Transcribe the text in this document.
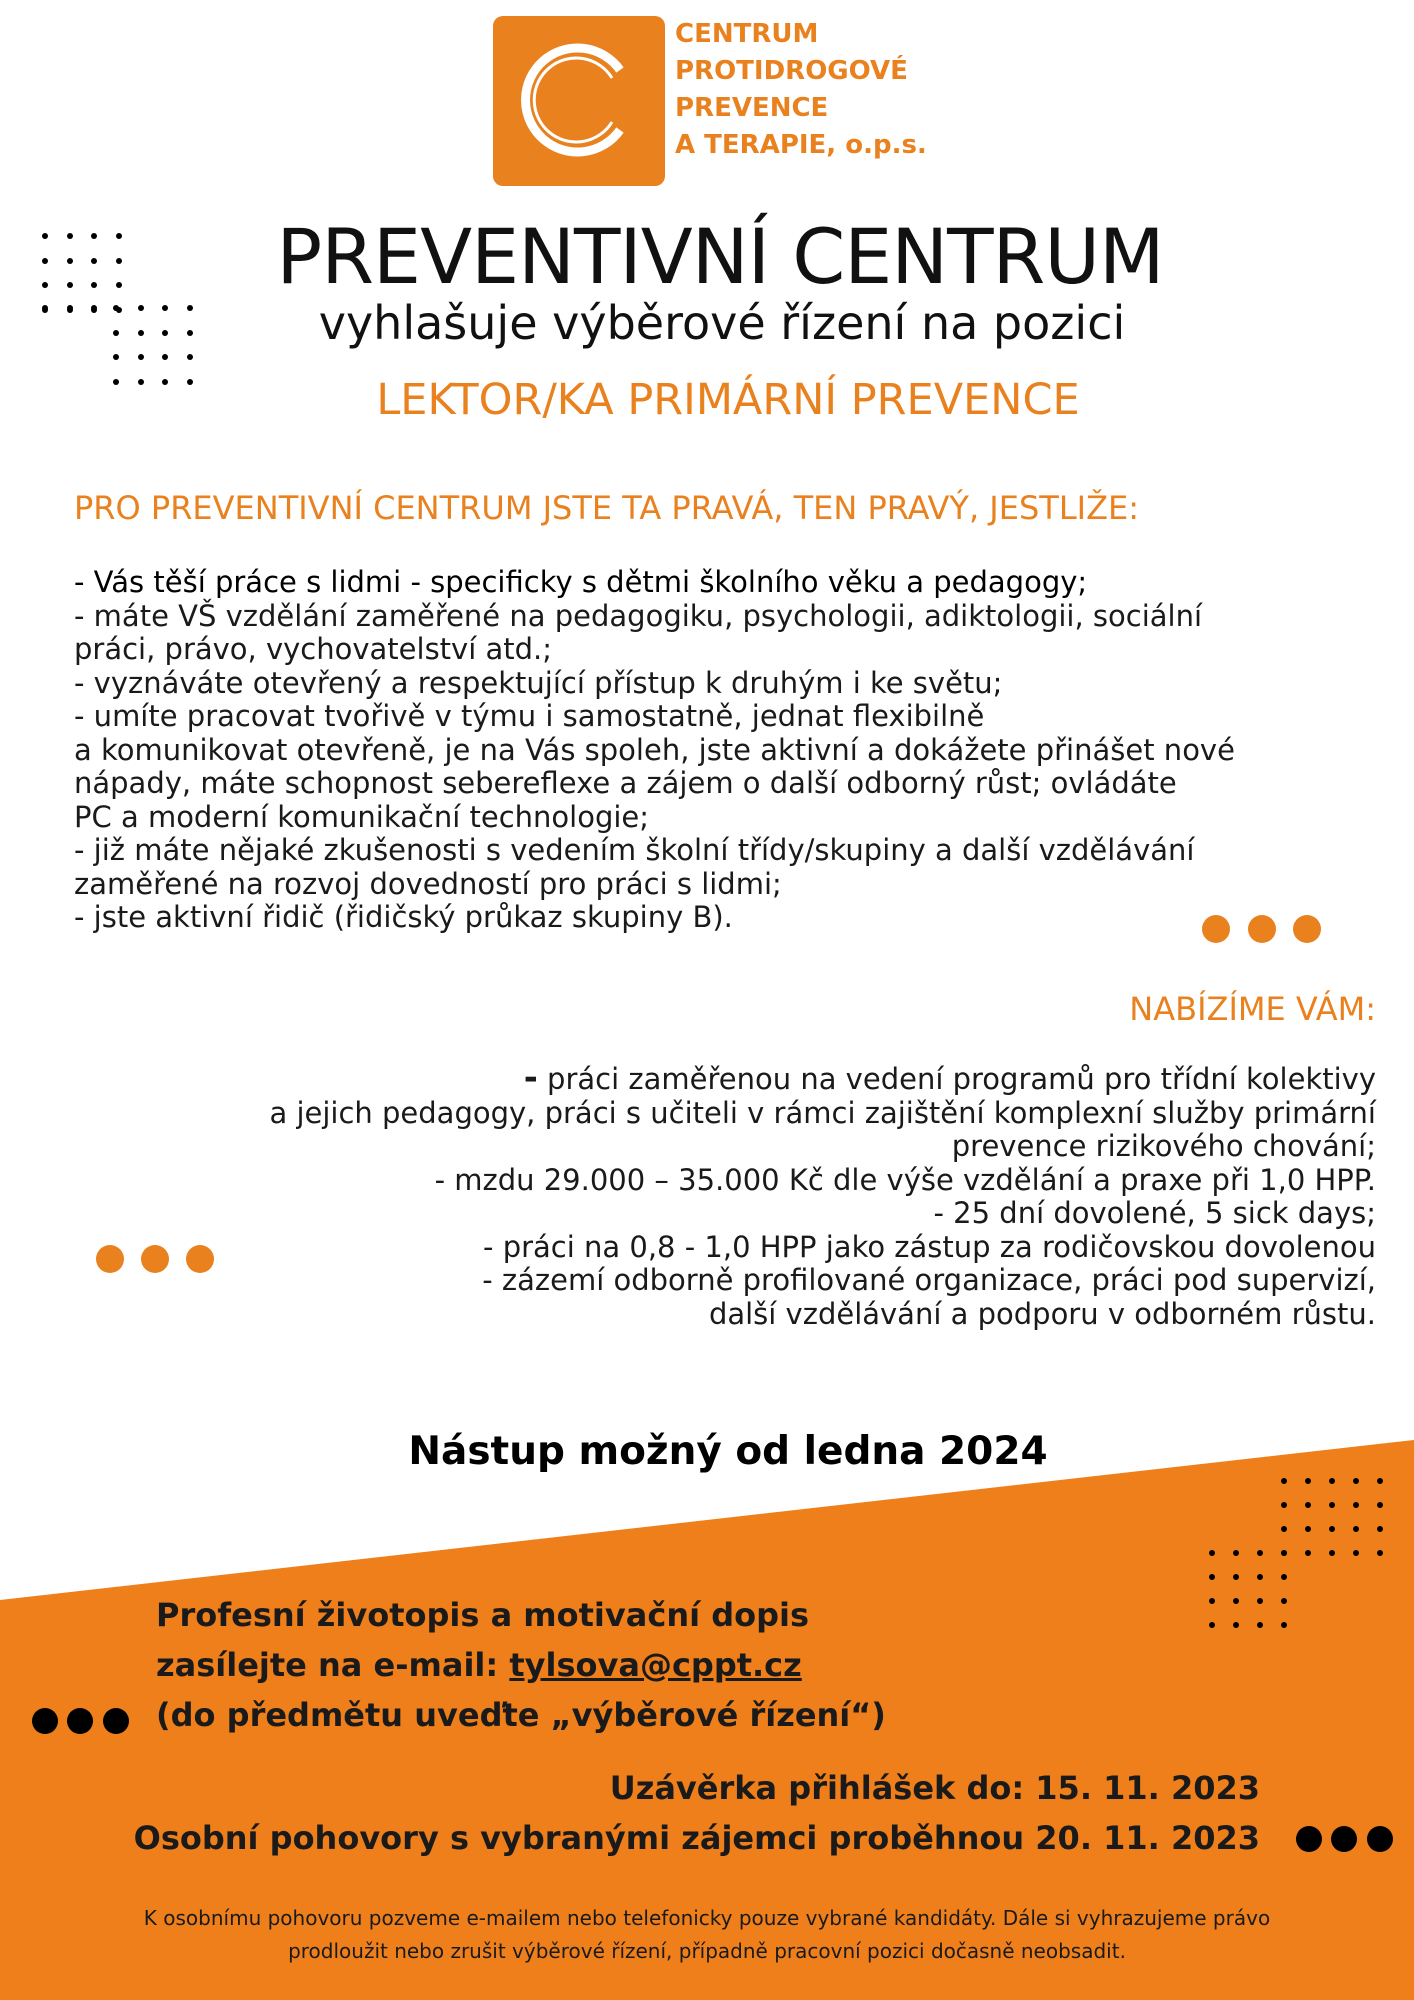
CENTRUM
PROTIDROGOVÉ
PREVENCE
A TERAPIE, o.p.s.
PREVENTIVNÍ CENTRUM
vyhlašuje výběrové řízení na pozici
LEKTOR/KA PRIMÁRNÍ PREVENCE
PRO PREVENTIVNÍ CENTRUM JSTE TA PRAVÁ, TEN PRAVÝ, JESTLIŽE:
- Vás těší práce s lidmi - specificky s dětmi školního věku a pedagogy;
- máte VŠ vzdělání zaměřené na pedagogiku, psychologii, adiktologii, sociální
práci, právo, vychovatelství atd.;
- vyznáváte otevřený a respektující přístup k druhým i ke světu;
- umíte pracovat tvořivě v týmu i samostatně, jednat flexibilně
a komunikovat otevřeně, je na Vás spoleh, jste aktivní a dokážete přinášet nové
nápady, máte schopnost sebereflexe a zájem o další odborný růst; ovládáte
PC a moderní komunikační technologie;
- již máte nějaké zkušenosti s vedením školní třídy/skupiny a další vzdělávání
zaměřené na rozvoj dovedností pro práci s lidmi;
- jste aktivní řidič (řidičský průkaz skupiny B).
NABÍZÍME VÁM:
- práci zaměřenou na vedení programů pro třídní kolektivy
a jejich pedagogy, práci s učiteli v rámci zajištění komplexní služby primární
prevence rizikového chování;
- mzdu 29.000 – 35.000 Kč dle výše vzdělání a praxe při 1,0 HPP.
- 25 dní dovolené, 5 sick days;
- práci na 0,8 - 1,0 HPP jako zástup za rodičovskou dovolenou
- zázemí odborně profilované organizace, práci pod supervizí,
další vzdělávání a podporu v odborném růstu.
Nástup možný od ledna 2024
Profesní životopis a motivační dopis
zasílejte na e-mail: tylsova@cppt.cz
(do předmětu uveďte „výběrové řízení“)
Uzávěrka přihlášek do: 15. 11. 2023
Osobní pohovory s vybranými zájemci proběhnou 20. 11. 2023
K osobnímu pohovoru pozveme e-mailem nebo telefonicky pouze vybrané kandidáty. Dále si vyhrazujeme právo
prodloužit nebo zrušit výběrové řízení, případně pracovní pozici dočasně neobsadit.
